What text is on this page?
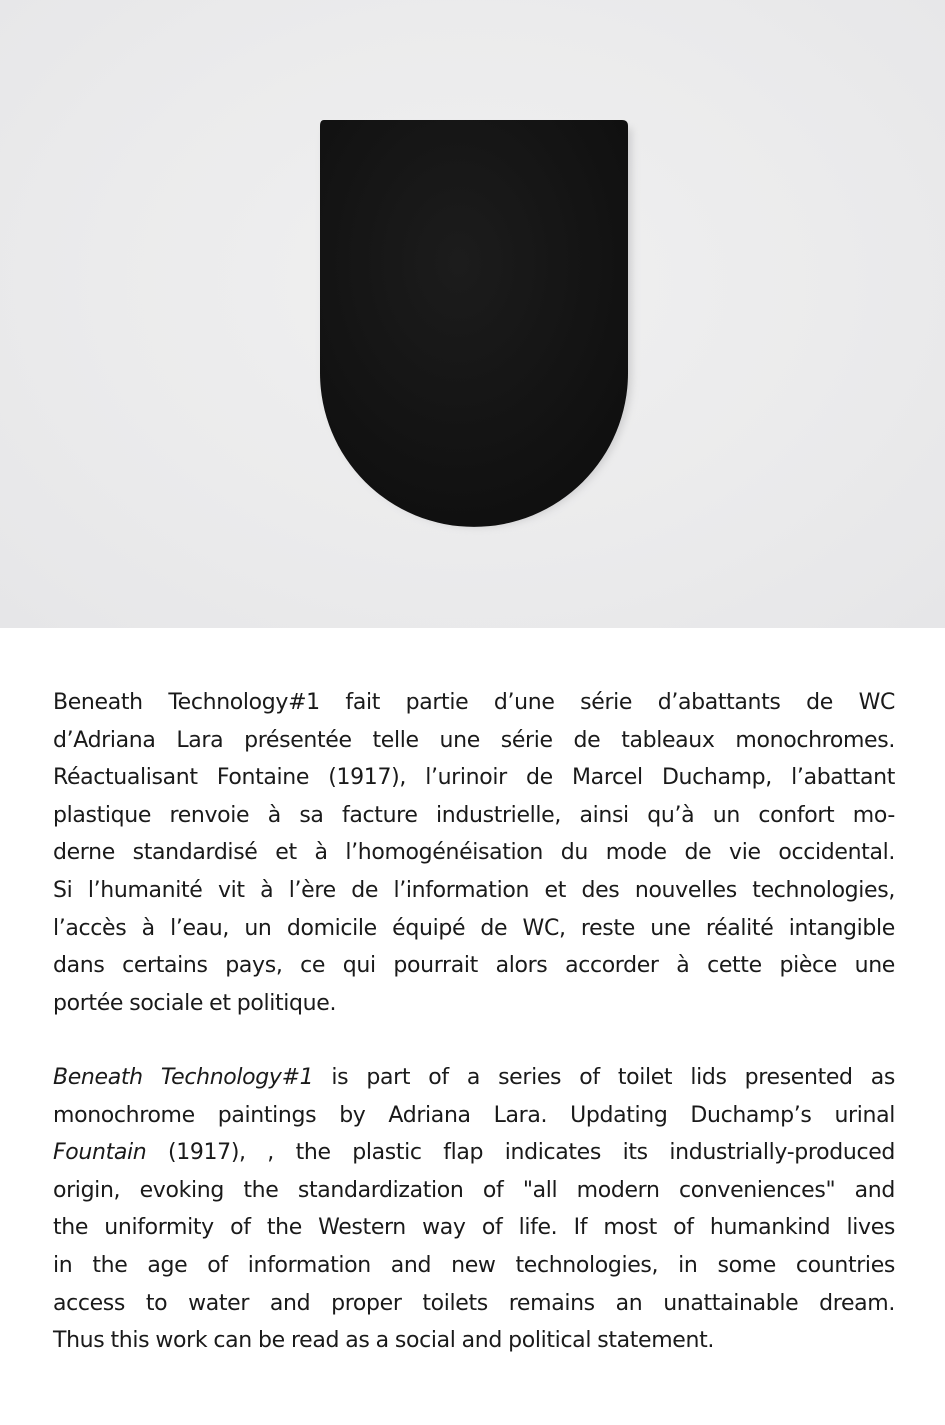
Beneath Technology#1 fait partie d’une série d’abattants de WC
d’Adriana Lara présentée telle une série de tableaux monochromes.
Réactualisant Fontaine (1917), l’urinoir de Marcel Duchamp, l’abattant
plastique renvoie à sa facture industrielle, ainsi qu’à un confort mo-
derne standardisé et à l’homogénéisation du mode de vie occidental.
Si l’humanité vit à l’ère de l’information et des nouvelles technologies,
l’accès à l’eau, un domicile équipé de WC, reste une réalité intangible
dans certains pays, ce qui pourrait alors accorder à cette pièce une
portée sociale et politique.
Beneath Technology#1 is part of a series of toilet lids presented as
monochrome paintings by Adriana Lara. Updating Duchamp’s urinal
Fountain (1917), , the plastic flap indicates its industrially-produced
origin, evoking the standardization of "all modern conveniences" and
the uniformity of the Western way of life. If most of humankind lives
in the age of information and new technologies, in some countries
access to water and proper toilets remains an unattainable dream.
Thus this work can be read as a social and political statement.
